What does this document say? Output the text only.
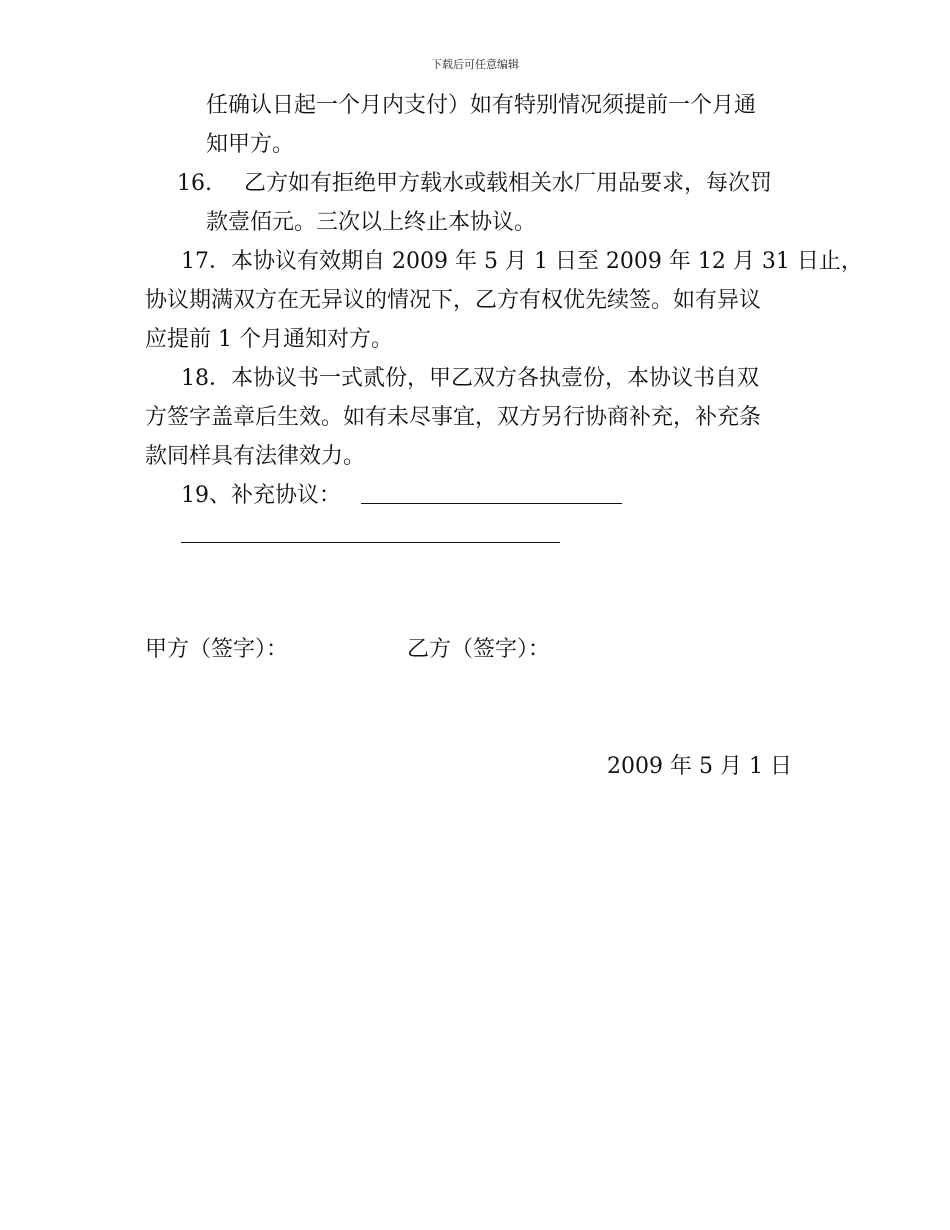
下载后可任意编辑
任确认日起一个月内支付）如有特别情况须提前一个月通
知甲方。
16. 乙方如有拒绝甲方载水或载相关水厂用品要求，每次罚
款壹佰元。三次以上终止本协议。
17．本协议有效期自 2009 年 5 月 1 日至 2009 年 12 月 31 日止，
协议期满双方在无异议的情况下，乙方有权优先续签。如有异议
应提前 1 个月通知对方。
18．本协议书一式贰份，甲乙双方各执壹份，本协议书自双
方签字盖章后生效。如有未尽事宜，双方另行协商补充，补充条
款同样具有法律效力。
19、补充协议：
甲方（签字）：	乙方（签字）：
2009 年 5 月 1 日
